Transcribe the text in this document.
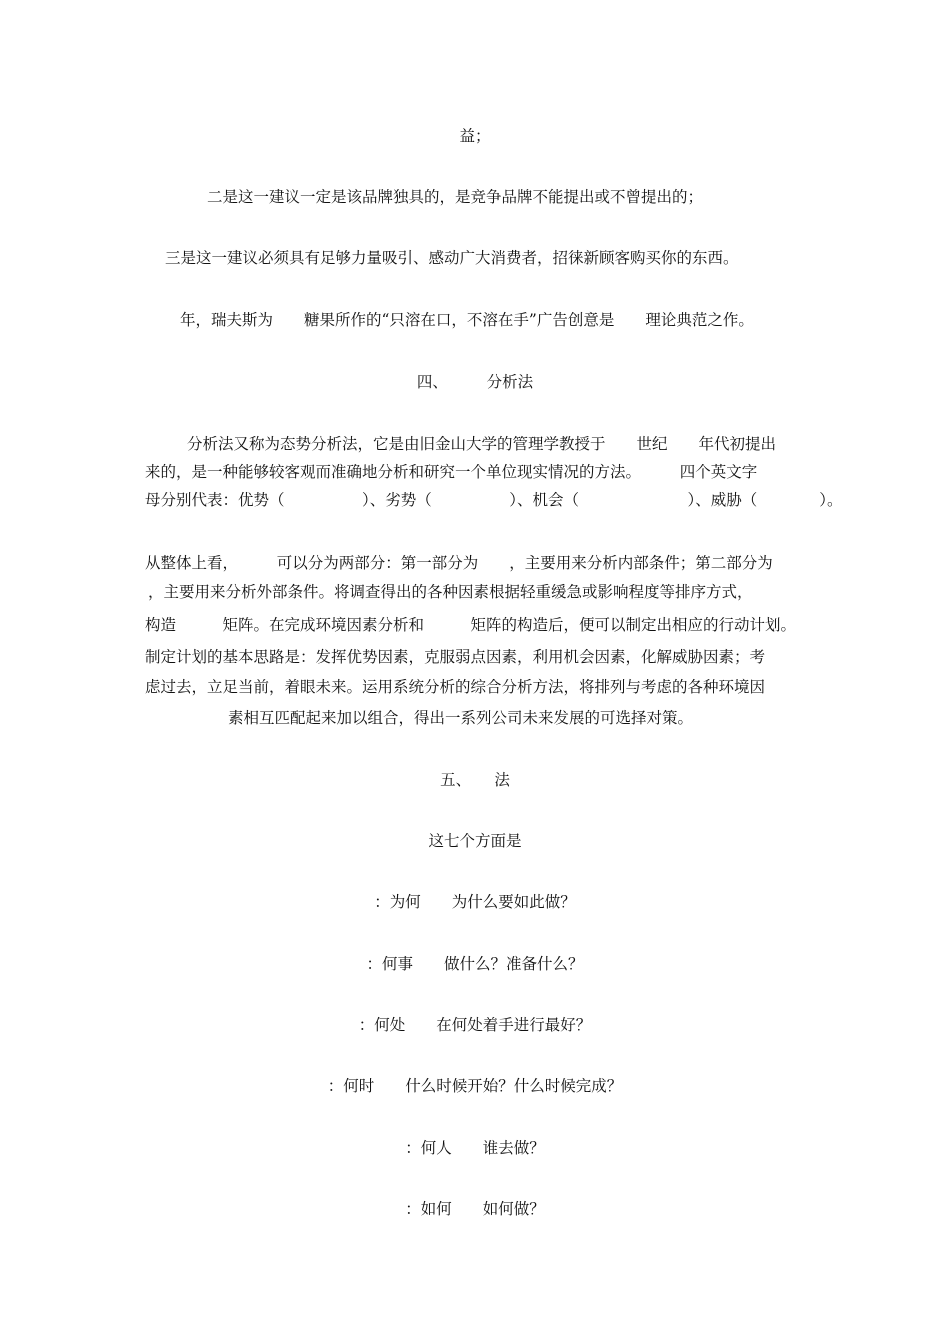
益；
二是这一建议一定是该品牌独具的，是竞争品牌不能提出或不曾提出的；
三是这一建议必须具有足够力量吸引、感动广大消费者，招徕新顾客购买你的东西。
年，瑞夫斯为　　糖果所作的“只溶在口，不溶在手”广告创意是　　理论典范之作。
四、　　　分析法
分析法又称为态势分析法，它是由旧金山大学的管理学教授于　　世纪　　年代初提出
来的，是一种能够较客观而准确地分析和研究一个单位现实情况的方法。　　　四个英文字
母分别代表：优势（　　　　　）、劣势（　　　　　）、机会（　　　　　　　）、威胁（　　　　）。
从整体上看，　　　可以分为两部分：第一部分为　　，主要用来分析内部条件；第二部分为
，主要用来分析外部条件。将调查得出的各种因素根据轻重缓急或影响程度等排序方式，
构造　　　矩阵。在完成环境因素分析和　　　矩阵的构造后，便可以制定出相应的行动计划。
制定计划的基本思路是：发挥优势因素，克服弱点因素，利用机会因素，化解威胁因素；考
虑过去，立足当前，着眼未来。运用系统分析的综合分析方法，将排列与考虑的各种环境因
素相互匹配起来加以组合，得出一系列公司未来发展的可选择对策。
五、　　法
这七个方面是
：为何　　为什么要如此做？
：何事　　做什么？准备什么？
：何处　　在何处着手进行最好？
：何时　　什么时候开始？什么时候完成？
：何人　　谁去做？
：如何　　如何做？
